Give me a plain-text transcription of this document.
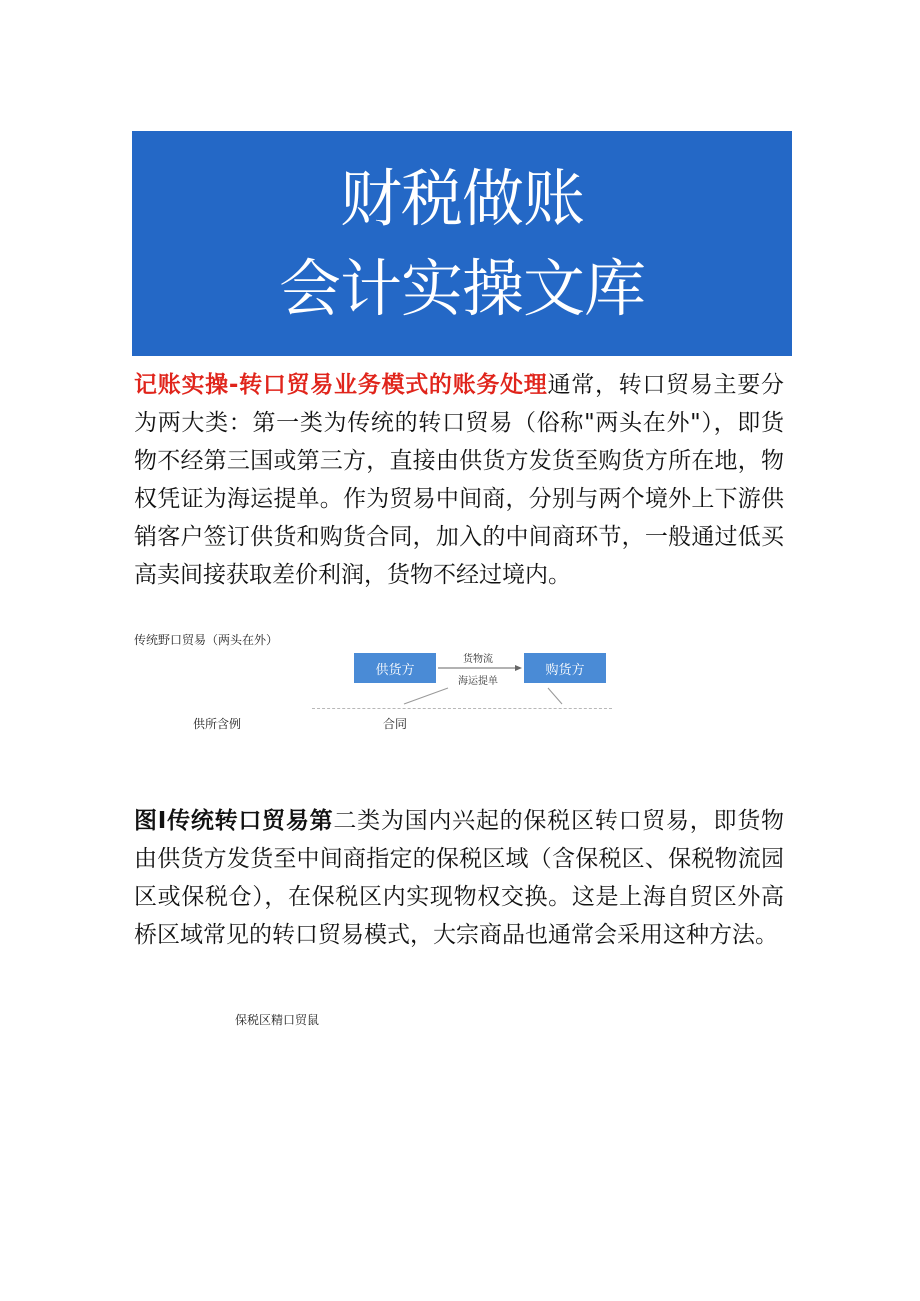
财税做账
会计实操文库

记账实操-转口贸易业务模式的账务处理通常，转口贸易主要分为两大类：第一类为传统的转口贸易（俗称"两头在外"），即货物不经第三国或第三方，直接由供货方发货至购货方所在地，物权凭证为海运提单。作为贸易中间商，分别与两个境外上下游供销客户签订供货和购货合同，加入的中间商环节，一般通过低买高卖间接获取差价利润，货物不经过境内。

传统野口贸易（两头在外）
供货方	购货方
货物流
海运提单
供所含例	合同

图I传统转口贸易第二类为国内兴起的保税区转口贸易，即货物由供货方发货至中间商指定的保税区域（含保税区、保税物流园区或保税仓），在保税区内实现物权交换。这是上海自贸区外高桥区域常见的转口贸易模式，大宗商品也通常会采用这种方法。

保税区精口贸鼠
